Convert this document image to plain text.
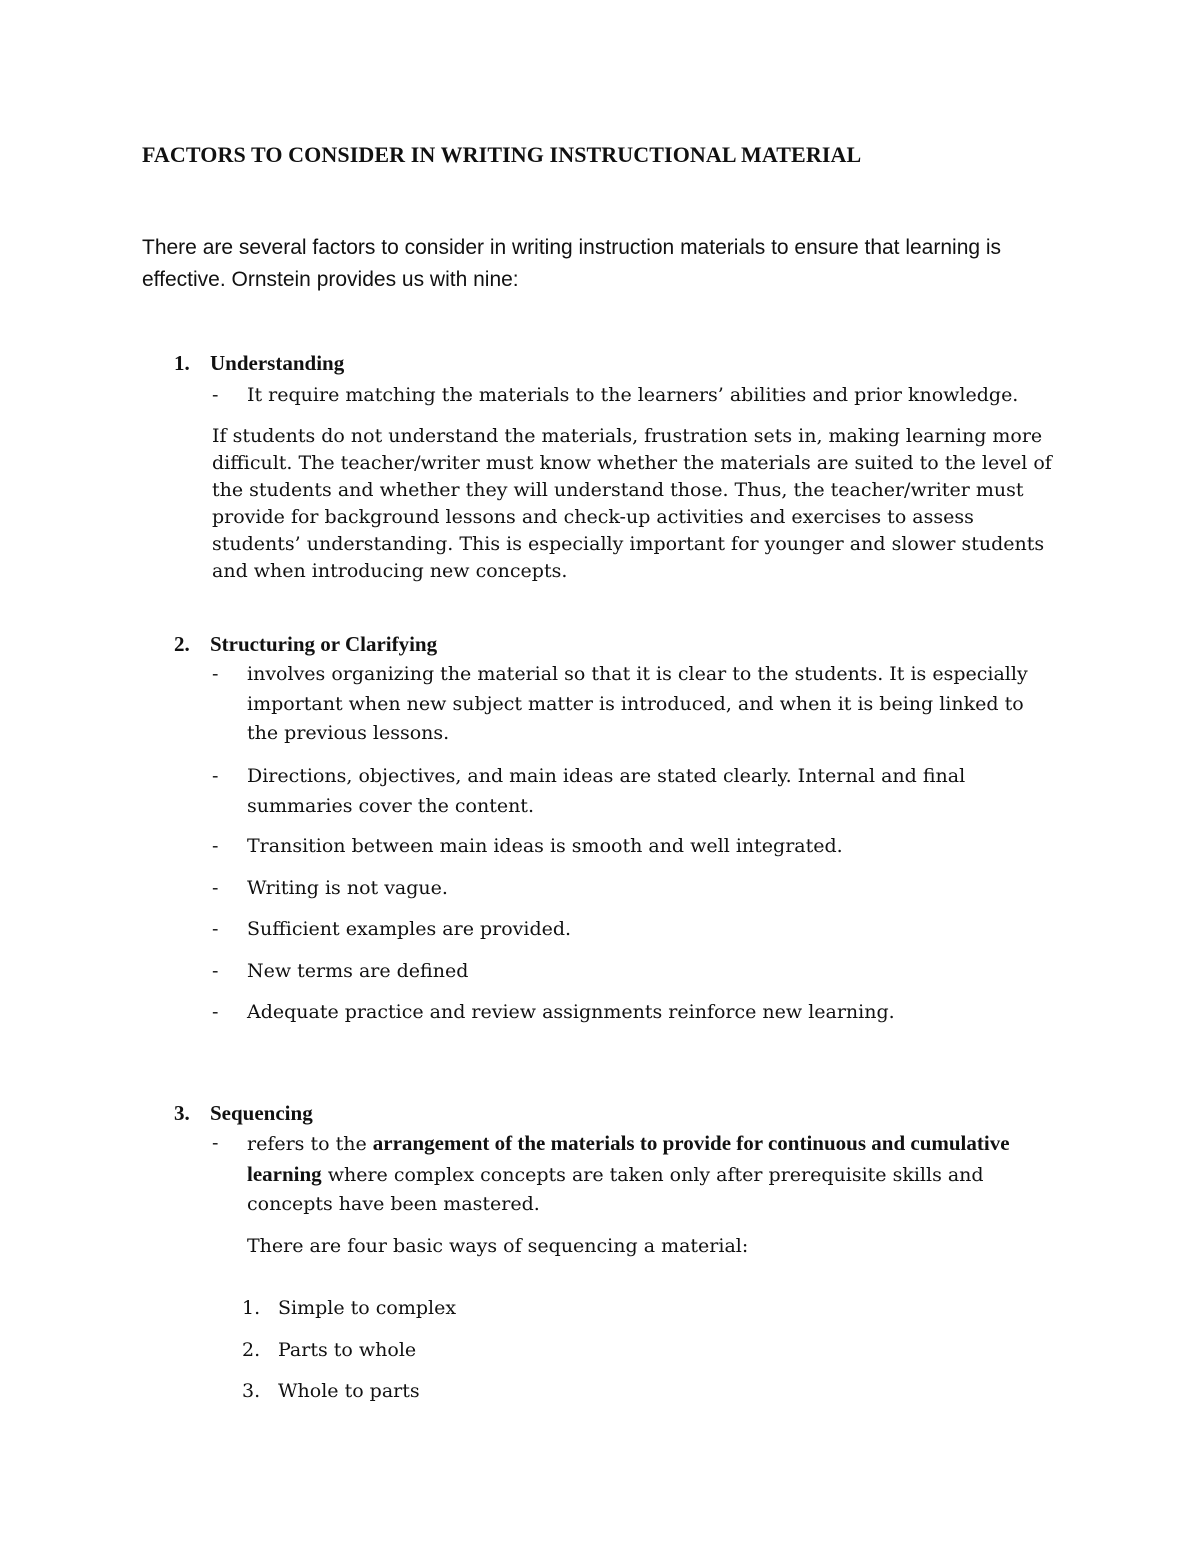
FACTORS TO CONSIDER IN WRITING INSTRUCTIONAL MATERIAL

There are several factors to consider in writing instruction materials to ensure that learning is effective. Ornstein provides us with nine:

1. Understanding
- It require matching the materials to the learners’ abilities and prior knowledge.

If students do not understand the materials, frustration sets in, making learning more difficult. The teacher/writer must know whether the materials are suited to the level of the students and whether they will understand those. Thus, the teacher/writer must provide for background lessons and check-up activities and exercises to assess students’ understanding. This is especially important for younger and slower students and when introducing new concepts.

2. Structuring or Clarifying
- involves organizing the material so that it is clear to the students. It is especially important when new subject matter is introduced, and when it is being linked to the previous lessons.
- Directions, objectives, and main ideas are stated clearly. Internal and final summaries cover the content.
- Transition between main ideas is smooth and well integrated.
- Writing is not vague.
- Sufficient examples are provided.
- New terms are defined
- Adequate practice and review assignments reinforce new learning.
3. Sequencing
- refers to the arrangement of the materials to provide for continuous and cumulative learning where complex concepts are taken only after prerequisite skills and concepts have been mastered.

There are four basic ways of sequencing a material:

1. Simple to complex
2. Parts to whole
3. Whole to parts
